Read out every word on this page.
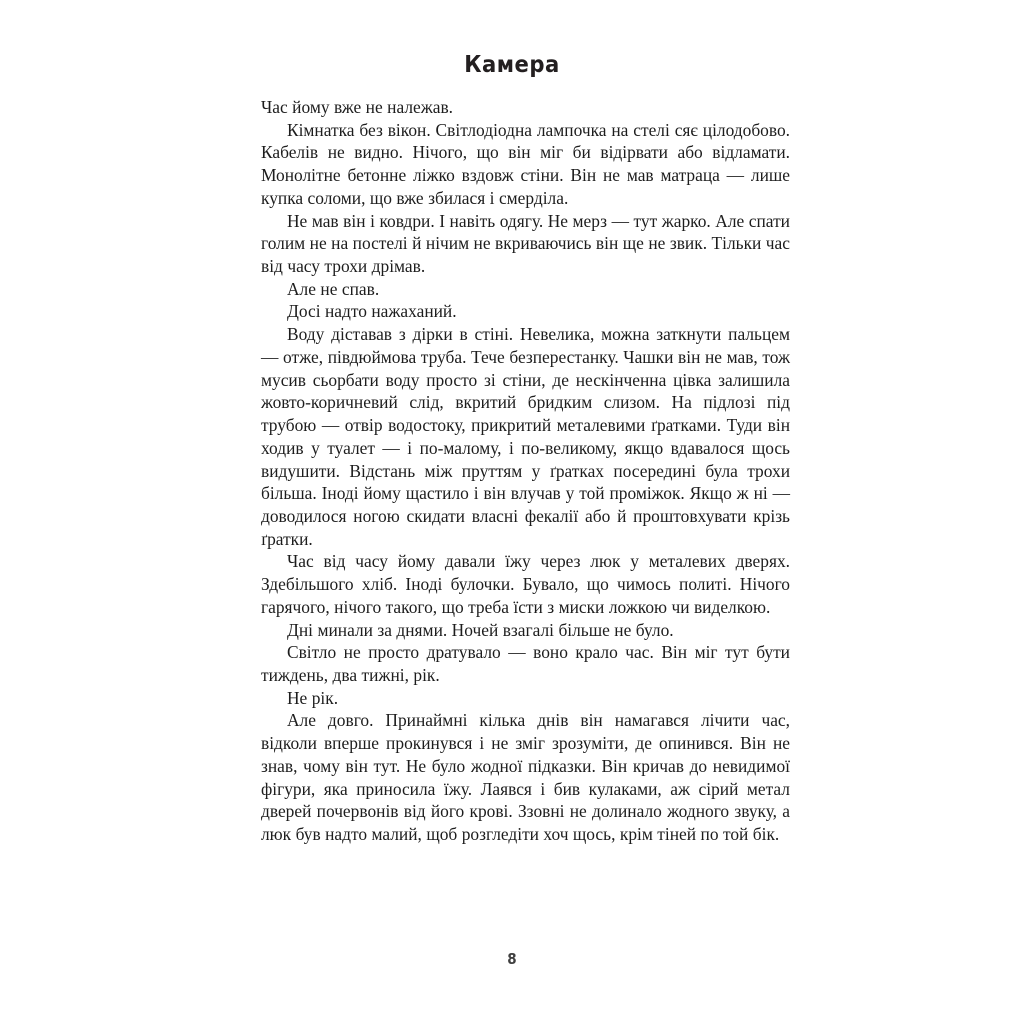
Камера

Час йому вже не належав.

Кімнатка без вікон. Світлодіодна лампочка на стелі сяє цілодобово. Кабелів не видно. Нічого, що він міг би відірвати або відламати. Монолітне бетонне ліжко вздовж стіни. Він не мав матраца — лише купка соломи, що вже збилася і смерділа.

Не мав він і ковдри. І навіть одягу. Не мерз — тут жарко. Але спати голим не на постелі й нічим не вкриваючись він ще не звик. Тільки час від часу трохи дрімав.

Але не спав.

Досі надто нажаханий.

Воду діставав з дірки в стіні. Невелика, можна заткнути пальцем — отже, півдюймова труба. Тече безперестанку. Чашки він не мав, тож мусив сьорбати воду просто зі стіни, де нескінченна цівка залишила жовто-коричневий слід, вкритий бридким слизом. На підлозі під трубою — отвір водостоку, прикритий металевими ґратками. Туди він ходив у туалет — і по-малому, і по-великому, якщо вдавалося щось видушити. Відстань між пруттям у ґратках посередині була трохи більша. Іноді йому щастило і він влучав у той проміжок. Якщо ж ні — доводилося ногою скидати власні фекалії або й проштовхувати крізь ґратки.

Час від часу йому давали їжу через люк у металевих дверях. Здебільшого хліб. Іноді булочки. Бувало, що чимось политі. Нічого гарячого, нічого такого, що треба їсти з миски ложкою чи виделкою.

Дні минали за днями. Ночей взагалі більше не було.

Світло не просто дратувало — воно крало час. Він міг тут бути тиждень, два тижні, рік.

Не рік.

Але довго. Принаймні кілька днів він намагався лічити час, відколи вперше прокинувся і не зміг зрозуміти, де опинився. Він не знав, чому він тут. Не було жодної підказки. Він кричав до невидимої фігури, яка приносила їжу. Лаявся і бив кулаками, аж сірий метал дверей почервонів від його крові. Ззовні не долинало жодного звуку, а люк був надто малий, щоб розгледіти хоч щось, крім тіней по той бік.

8
